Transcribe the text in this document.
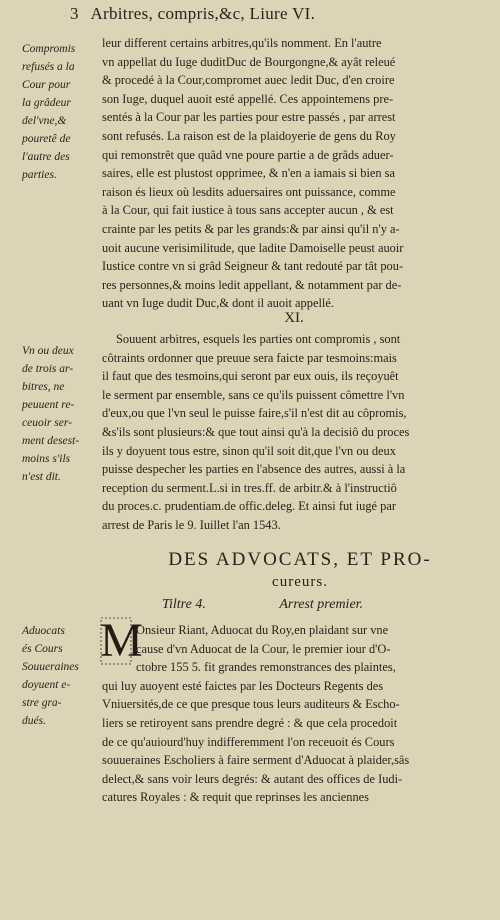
3 Arbitres, compris,&c, Liure VI.
Compromis
refusés a la
Cour pour
la grâdeur
del'vne,&
pouretê de
l'autre des
parties.
leur different certains arbitres,qu'ils nomment. En l'autre
vn appellat du Iuge duditDuc de Bourgongne,& ayât releué
& procedé à la Cour,compromet auec ledit Duc, d'en croire
son Iuge, duquel auoit esté appellé. Ces appointemens pre-
sentés à la Cour par les parties pour estre passés , par arrest
sont refusés. La raison est de la plaidoyerie de gens du Roy
qui remonstrêt que quâd vne poure partie a de grâds aduer-
saires, elle est plustost opprimee, & n'en a iamais si bien sa
raison és lieux où lesdits aduersaires ont puissance, comme
à la Cour, qui fait iustice à tous sans accepter aucun , & est
crainte par les petits & par les grands:& par ainsi qu'il n'y a-
uoit aucune verisimilitude, que ladite Damoiselle peust auoir
Iustice contre vn si grâd Seigneur & tant redouté par tât pou-
res personnes,& moins ledit appellant, & notamment par de-
uant vn Iuge dudit Duc,& dont il auoit appellé.
XI.
Vn ou deux
de trois ar-
bitres, ne
peuuent re-
ceuoir ser-
ment desest-
moins s'ils
n'est dit.
Souuent arbitres, esquels les parties ont compromis , sont
côtraints ordonner que preuue sera faicte par tesmoins:mais
il faut que des tesmoins,qui seront par eux ouis, ils reçoyuêt
le serment par ensemble, sans ce qu'ils puissent cômettre l'vn
d'eux,ou que l'vn seul le puisse faire,s'il n'est dit au côpromis,
&s'ils sont plusieurs:& que tout ainsi qu'à la decisiô du proces
ils y doyuent tous estre, sinon qu'il soit dit,que l'vn ou deux
puisse despecher les parties en l'absence des autres, aussi à la
reception du serment.L.si in tres.ff. de arbitr.& à l'instructiô
du proces.c. prudentiam.de offic.deleg. Et ainsi fut iugé par
arrest de Paris le 9. Iuillet l'an 1543.
DES ADVOCATS, ET PRO-
cureurs.
Tiltre 4.	Arrest premier.
Aduocats
és Cours
Souueraines
doyuent e-
stre gra-
dués.
M
Onsieur Riant, Aduocat du Roy,en plaidant sur vne
cause d'vn Aduocat de la Cour, le premier iour d'O-
ctobre 155 5. fit grandes remonstrances des plaintes,
qui luy auoyent esté faictes par les Docteurs Regents des
Vniuersités,de ce que presque tous leurs auditeurs & Escho-
liers se retiroyent sans prendre degré : & que cela procedoit
de ce qu'auiourd'huy indifferemment l'on receuoit és Cours
souueraines Escholiers à faire serment d'Aduocat à plaider,sâs
delect,& sans voir leurs degrés: & autant des offices de Iudi-
catures Royales : & requit que reprinses les anciennes
